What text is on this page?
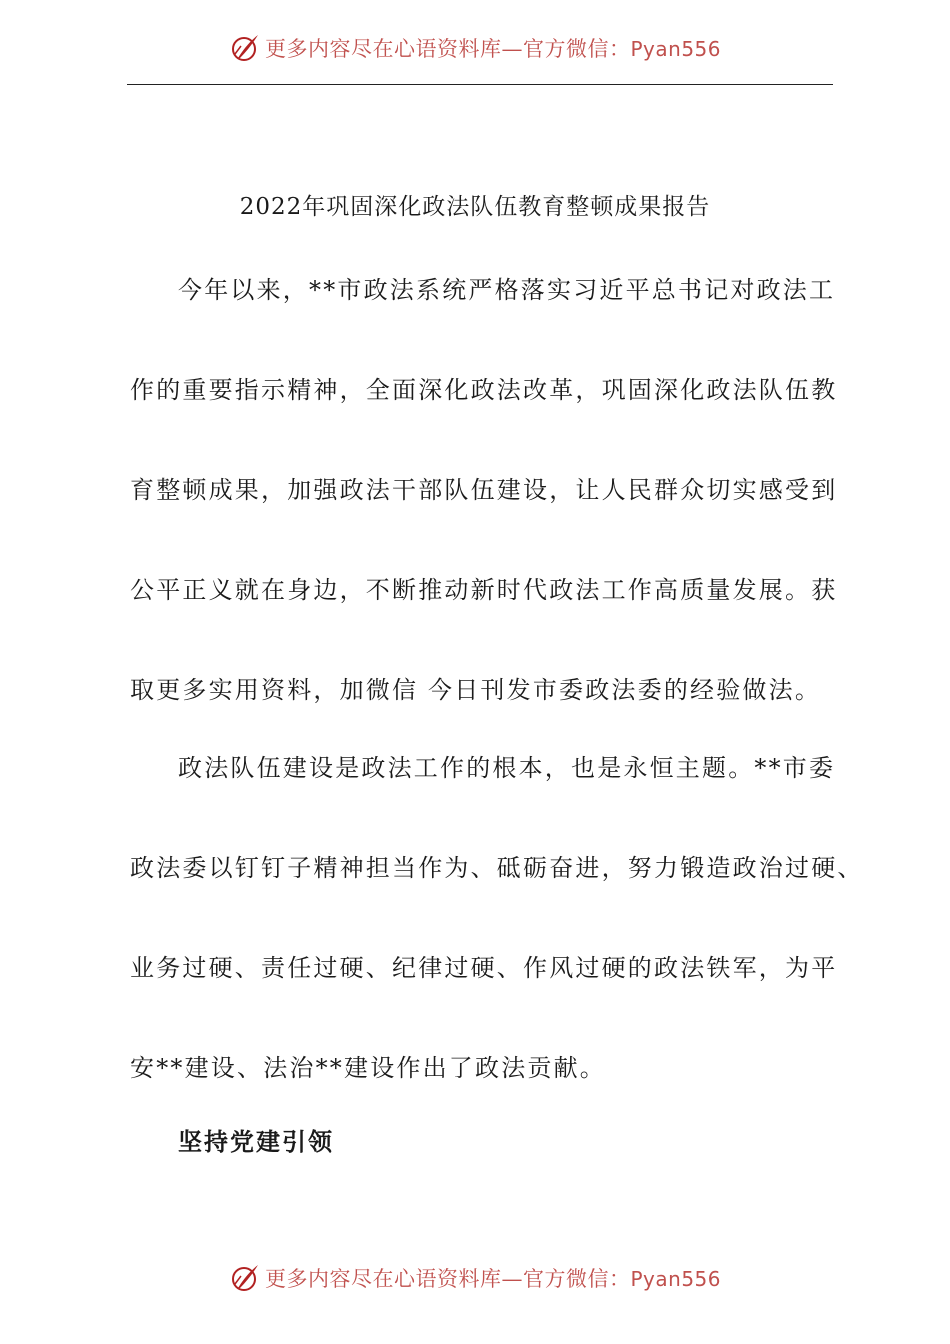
更多内容尽在心语资料库—官方微信：Pyan556
2022年巩固深化政法队伍教育整顿成果报告
今年以来，**市政法系统严格落实习近平总书记对政法工
作的重要指示精神，全面深化政法改革，巩固深化政法队伍教
育整顿成果，加强政法干部队伍建设，让人民群众切实感受到
公平正义就在身边，不断推动新时代政法工作高质量发展。获
取更多实用资料，加微信 今日刊发市委政法委的经验做法。
政法队伍建设是政法工作的根本，也是永恒主题。**市委
政法委以钉钉子精神担当作为、砥砺奋进，努力锻造政治过硬、
业务过硬、责任过硬、纪律过硬、作风过硬的政法铁军，为平
安**建设、法治**建设作出了政法贡献。
坚持党建引领
更多内容尽在心语资料库—官方微信：Pyan556
